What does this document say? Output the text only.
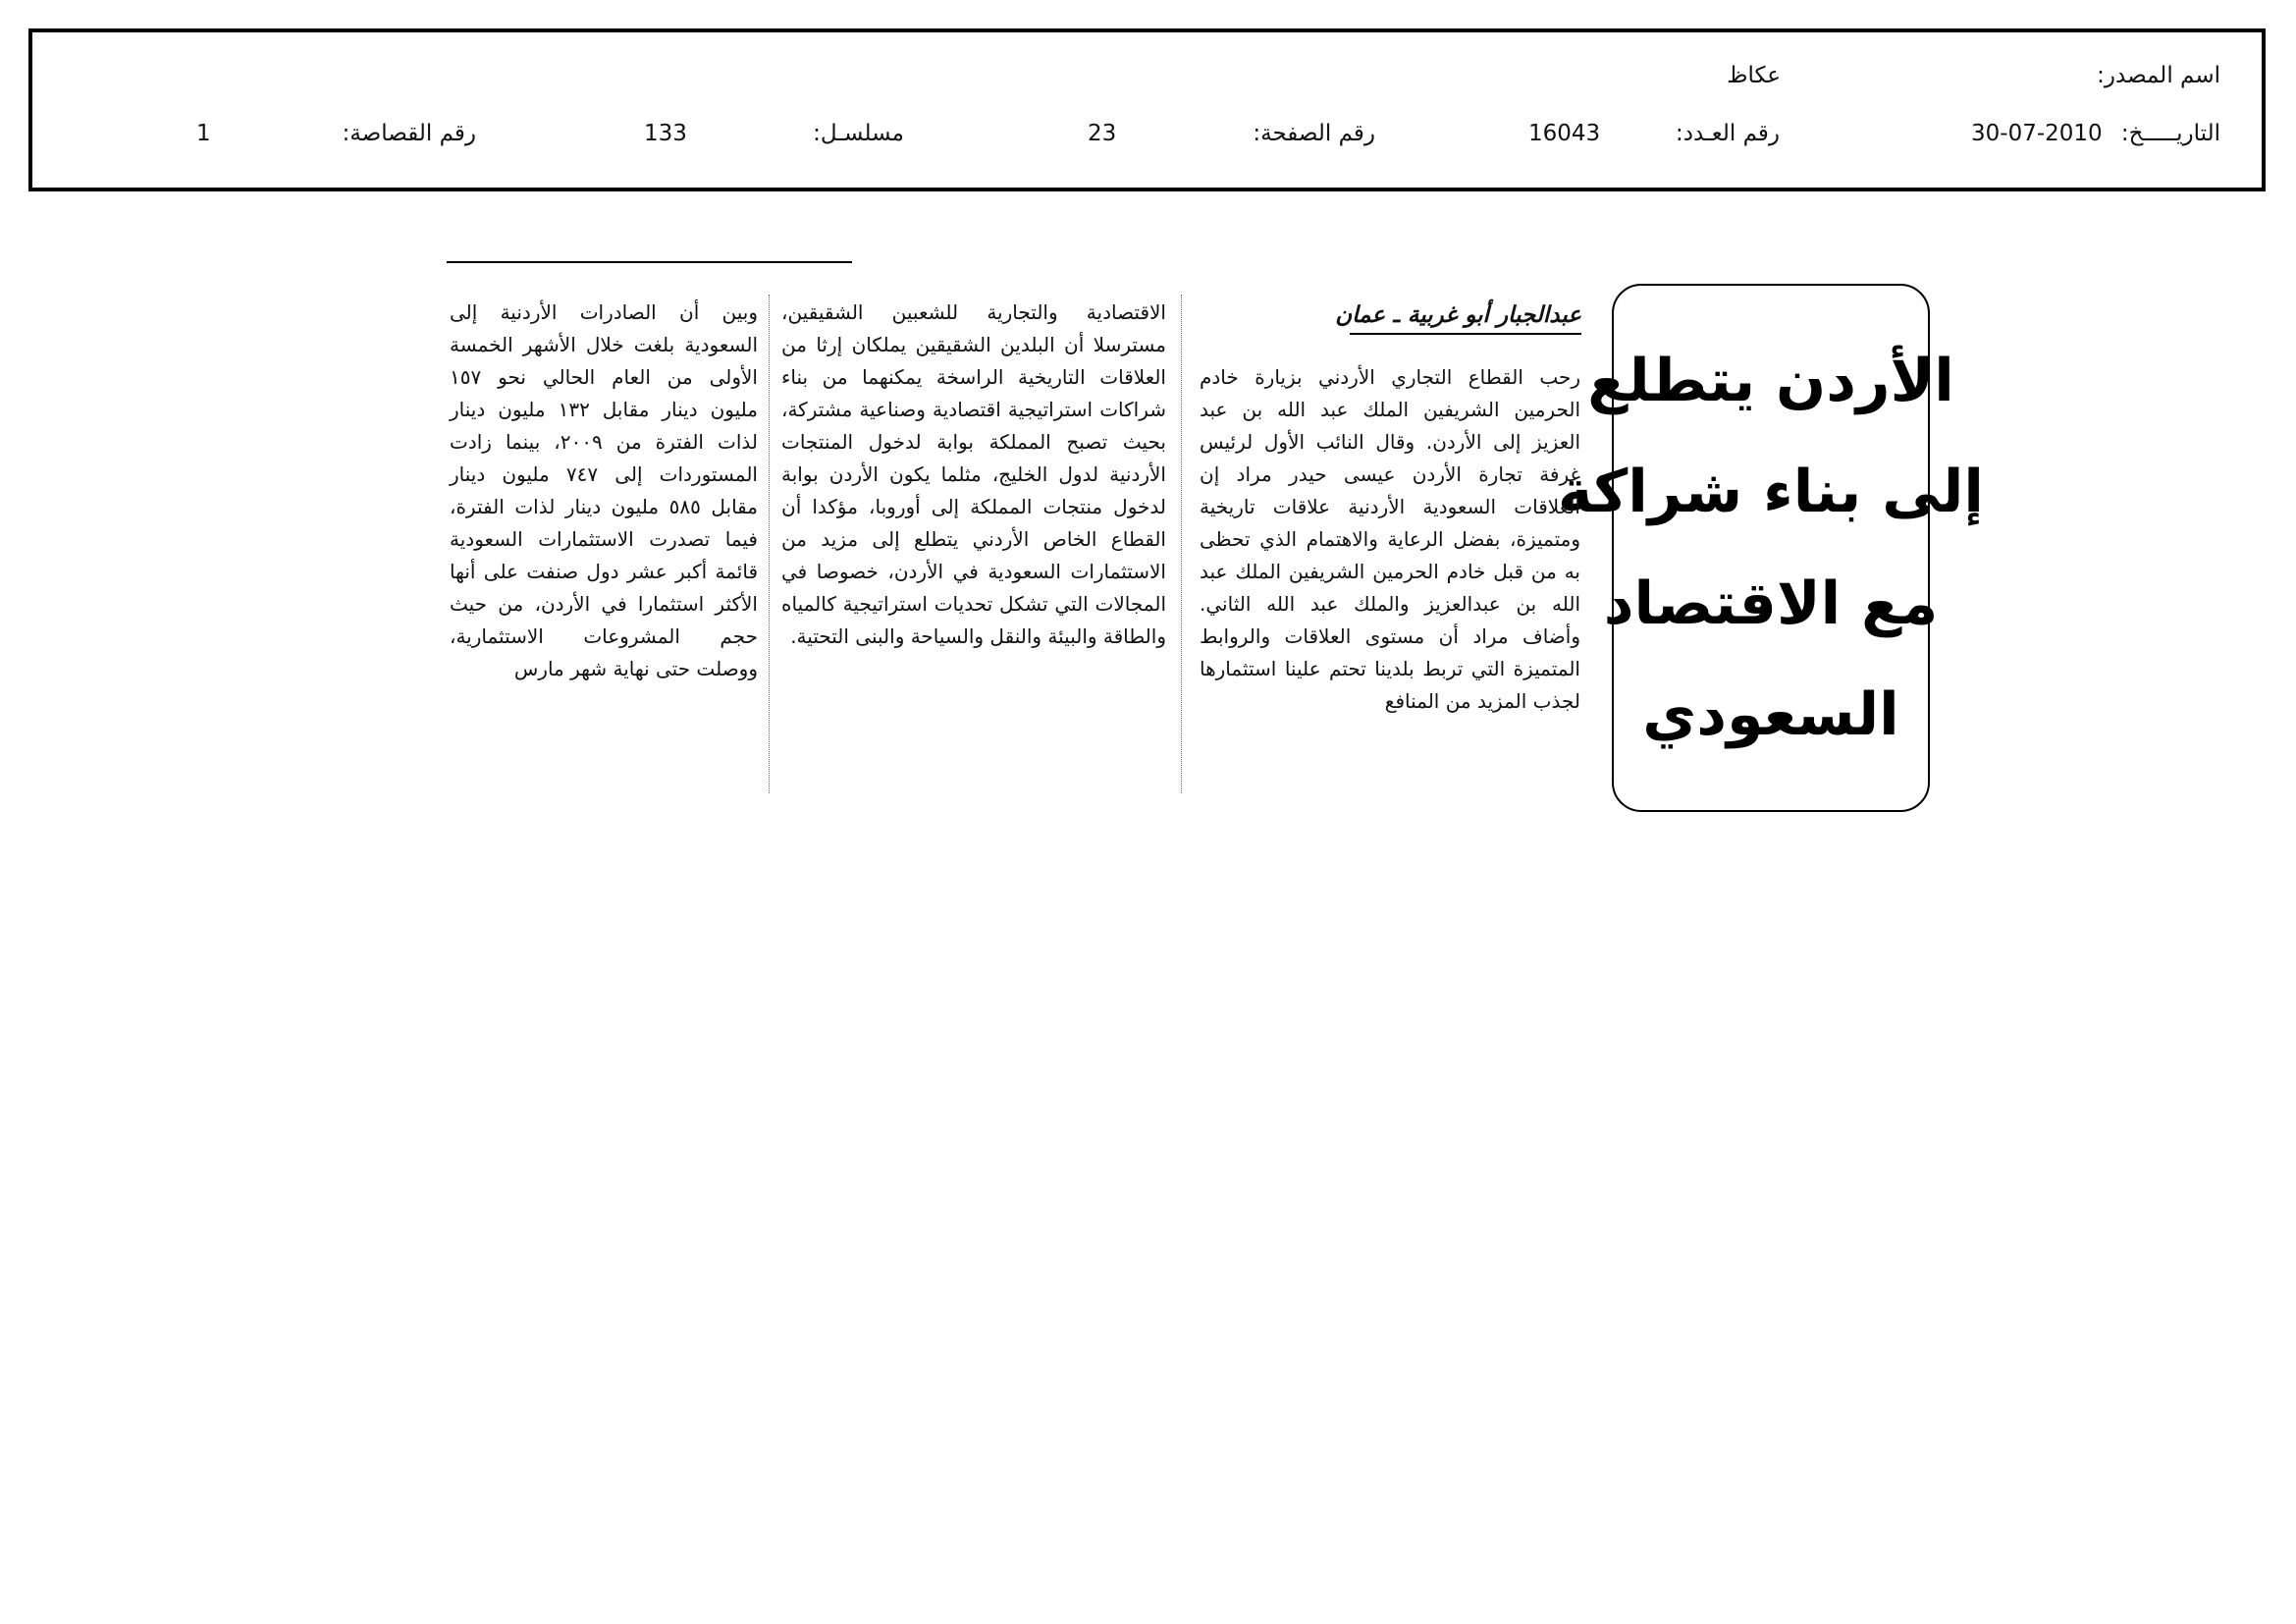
اسم المصدر:
عكاظ
التاريـــــخ:
30-07-2010
رقم العـدد:
16043
رقم الصفحة:
23
مسلسـل:
133
رقم القصاصة:
1
الأردن يتطلع
إلى بناء شراكة
مع الاقتصاد
السعودي
عبدالجبار أبو غربية ـ عمان

رحب القطاع التجاري الأردني بزيارة خادم الحرمين الشريفين الملك عبد الله بن عبد العزيز إلى الأردن. وقال النائب الأول لرئيس غرفة تجارة الأردن عيسى حيدر مراد إن العلاقات السعودية الأردنية علاقات تاريخية ومتميزة، بفضل الرعاية والاهتمام الذي تحظى به من قبل خادم الحرمين الشريفين الملك عبد الله بن عبدالعزيز والملك عبد الله الثاني. وأضاف مراد أن مستوى العلاقات والروابط المتميزة التي تربط بلدينا تحتم علينا استثمارها لجذب المزيد من المنافع

الاقتصادية والتجارية للشعبين الشقيقين، مسترسلا أن البلدين الشقيقين يملكان إرثا من العلاقات التاريخية الراسخة يمكنهما من بناء شراكات استراتيجية اقتصادية وصناعية مشتركة، بحيث تصبح المملكة بوابة لدخول المنتجات الأردنية لدول الخليج، مثلما يكون الأردن بوابة لدخول منتجات المملكة إلى أوروبا، مؤكدا أن القطاع الخاص الأردني يتطلع إلى مزيد من الاستثمارات السعودية في الأردن، خصوصا في المجالات التي تشكل تحديات استراتيجية كالمياه والطاقة والبيئة والنقل والسياحة والبنى التحتية.

وبين أن الصادرات الأردنية إلى السعودية بلغت خلال الأشهر الخمسة الأولى من العام الحالي نحو ١٥٧ مليون دينار مقابل ١٣٢ مليون دينار لذات الفترة من ٢٠٠٩، بينما زادت المستوردات إلى ٧٤٧ مليون دينار مقابل ٥٨٥ مليون دينار لذات الفترة، فيما تصدرت الاستثمارات السعودية قائمة أكبر عشر دول صنفت على أنها الأكثر استثمارا في الأردن، من حيث حجم المشروعات الاستثمارية، ووصلت حتى نهاية شهر مارس
